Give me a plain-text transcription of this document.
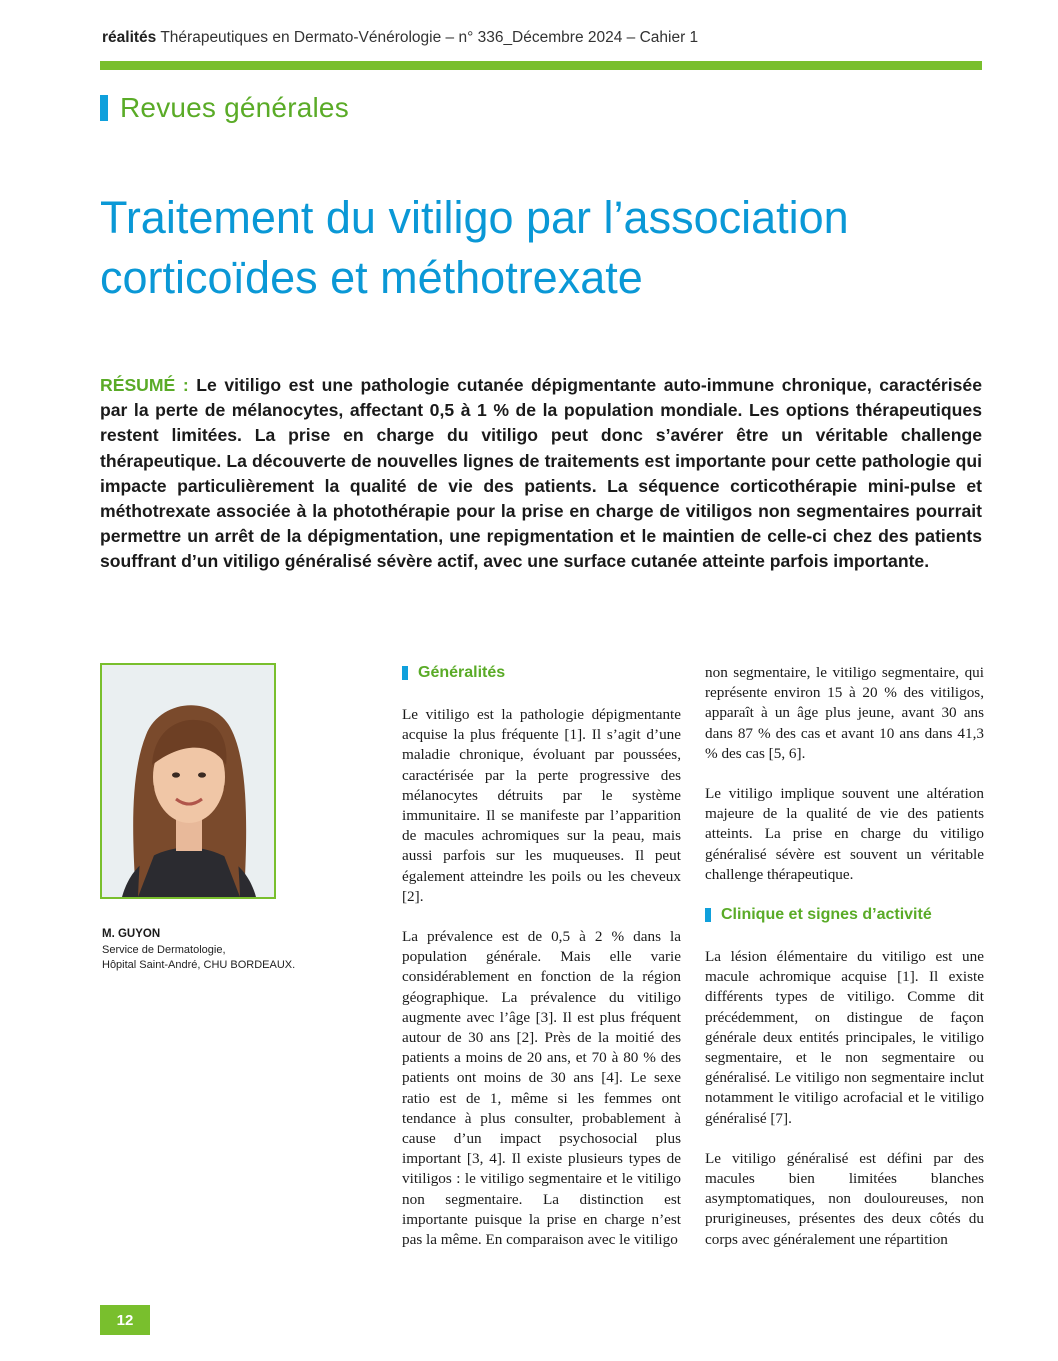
réalités Thérapeutiques en Dermato-Vénérologie – n° 336_Décembre 2024 – Cahier 1
Revues générales
Traitement du vitiligo par l’association corticoïdes et méthotrexate

RÉSUMÉ : Le vitiligo est une pathologie cutanée dépigmentante auto-immune chronique, caractérisée par la perte de mélanocytes, affectant 0,5 à 1 % de la population mondiale. Les options thérapeutiques restent limitées. La prise en charge du vitiligo peut donc s’avérer être un véritable challenge thérapeutique. La découverte de nouvelles lignes de traitements est importante pour cette pathologie qui impacte particulièrement la qualité de vie des patients. La séquence corticothérapie mini-pulse et méthotrexate associée à la photothérapie pour la prise en charge de vitiligos non segmentaires pourrait permettre un arrêt de la dépigmentation, une repigmentation et le maintien de celle-ci chez des patients souffrant d’un vitiligo généralisé sévère actif, avec une surface cutanée atteinte parfois importante.

M. GUYON
Service de Dermatologie,
Hôpital Saint-André, CHU BORDEAUX.
Généralités

Le vitiligo est la pathologie dépigmentante acquise la plus fréquente [1]. Il s’agit d’une maladie chronique, évoluant par poussées, caractérisée par la perte progressive des mélanocytes détruits par le système immunitaire. Il se manifeste par l’apparition de macules achromiques sur la peau, mais aussi parfois sur les muqueuses. Il peut également atteindre les poils ou les cheveux [2].

La prévalence est de 0,5 à 2 % dans la population générale. Mais elle varie considérablement en fonction de la région géographique. La prévalence du vitiligo augmente avec l’âge [3]. Il est plus fréquent autour de 30 ans [2]. Près de la moitié des patients a moins de 20 ans, et 70 à 80 % des patients ont moins de 30 ans [4]. Le sexe ratio est de 1, même si les femmes ont tendance à plus consulter, probablement à cause d’un impact psychosocial plus important [3, 4]. Il existe plusieurs types de vitiligos : le vitiligo segmentaire et le vitiligo non segmentaire. La distinction est importante puisque la prise en charge n’est pas la même. En comparaison avec le vitiligo

non segmentaire, le vitiligo segmentaire, qui représente environ 15 à 20 % des vitiligos, apparaît à un âge plus jeune, avant 30 ans dans 87 % des cas et avant 10 ans dans 41,3 % des cas [5, 6].

Le vitiligo implique souvent une altération majeure de la qualité de vie des patients atteints. La prise en charge du vitiligo généralisé sévère est souvent un véritable challenge thérapeutique.

Clinique et signes d’activité

La lésion élémentaire du vitiligo est une macule achromique acquise [1]. Il existe différents types de vitiligo. Comme dit précédemment, on distingue de façon générale deux entités principales, le vitiligo segmentaire, et le non segmentaire ou généralisé. Le vitiligo non segmentaire inclut notamment le vitiligo acrofacial et le vitiligo généralisé [7].

Le vitiligo généralisé est défini par des macules bien limitées blanches asymptomatiques, non douloureuses, non prurigineuses, présentes des deux côtés du corps avec généralement une répartition

12
